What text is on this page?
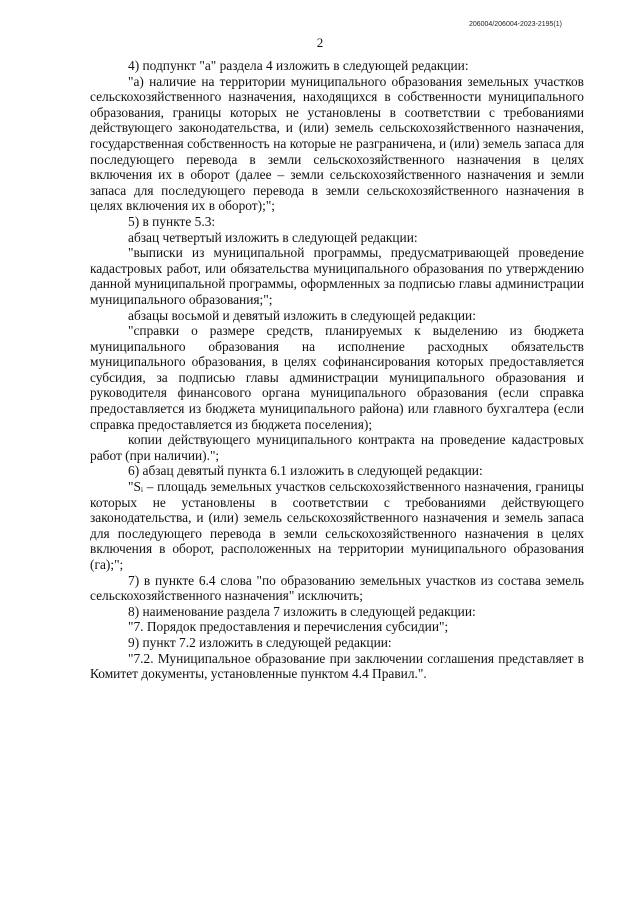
206004/206004-2023-2195(1)
2

4) подпункт "а" раздела 4 изложить в следующей редакции:

"а) наличие на территории муниципального образования земельных участков сельскохозяйственного назначения, находящихся в собственности муниципального образования, границы которых не установлены в соответствии с требованиями действующего законодательства, и (или) земель сельскохозяйственного назначения, государственная собственность на которые не разграничена, и (или) земель запаса для последующего перевода в земли сельскохозяйственного назначения в целях включения их в оборот (далее – земли сельскохозяйственного назначения и земли запаса для последующего перевода в земли сельскохозяйственного назначения в целях включения их в оборот);";

5) в пункте 5.3:

абзац четвертый изложить в следующей редакции:

"выписки из муниципальной программы, предусматривающей проведение кадастровых работ, или обязательства муниципального образования по утверждению данной муниципальной программы, оформленных за подписью главы администрации муниципального образования;";

абзацы восьмой и девятый изложить в следующей редакции:

"справки о размере средств, планируемых к выделению из бюджета муниципального образования на исполнение расходных обязательств муниципального образования, в целях софинансирования которых предоставляется субсидия, за подписью главы администрации муниципального образования и руководителя финансового органа муниципального образования (если справка предоставляется из бюджета муниципального района) или главного бухгалтера (если справка предоставляется из бюджета поселения);

копии действующего муниципального контракта на проведение кадастровых работ (при наличии).";

6) абзац девятый пункта 6.1 изложить в следующей редакции:

"Sᵢ – площадь земельных участков сельскохозяйственного назначения, границы которых не установлены в соответствии с требованиями действующего законодательства, и (или) земель сельскохозяйственного назначения и земель запаса для последующего перевода в земли сельскохозяйственного назначения в целях включения в оборот, расположенных на территории муниципального образования (га);";

7) в пункте 6.4 слова "по образованию земельных участков из состава земель сельскохозяйственного назначения" исключить;

8) наименование раздела 7 изложить в следующей редакции:

"7. Порядок предоставления и перечисления субсидии";

9) пункт 7.2 изложить в следующей редакции:

"7.2. Муниципальное образование при заключении соглашения представляет в Комитет документы, установленные пунктом 4.4 Правил.".
